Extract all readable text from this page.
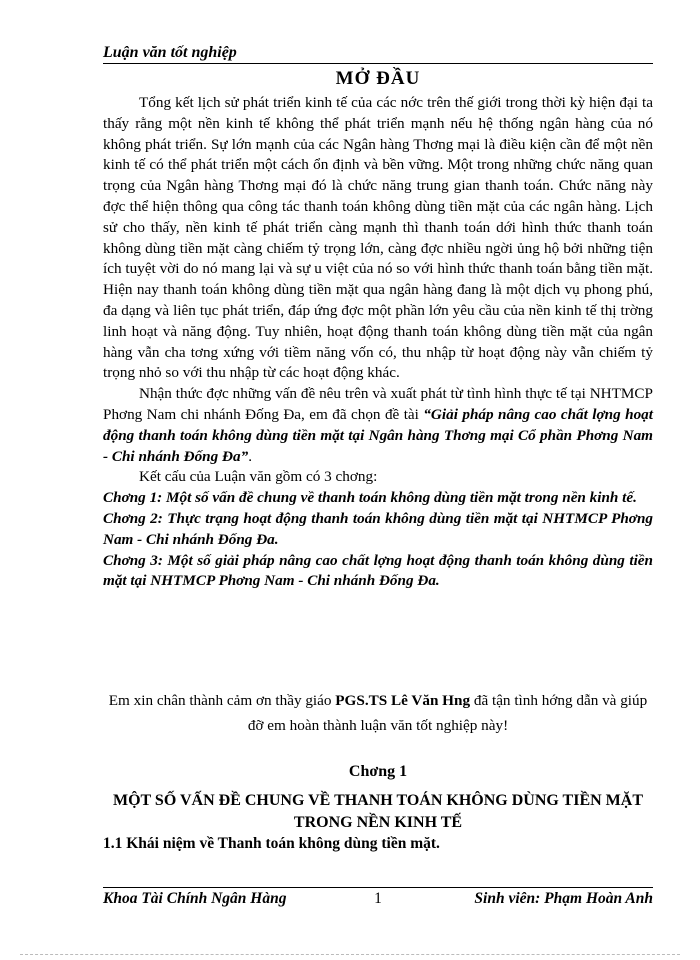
Luận văn tốt nghiệp
MỞ ĐẦU

Tổng kết lịch sử phát triển kinh tế của các nớc trên thế giới trong thời kỳ hiện đại ta thấy rằng một nền kinh tế không thể phát triển mạnh nếu hệ thống ngân hàng của nó không phát triển. Sự lớn mạnh của các Ngân hàng Thơng mại là điều kiện cần để một nền kinh tế có thể phát triển một cách ổn định và bền vững. Một trong những chức năng quan trọng của Ngân hàng Thơng mại đó là chức năng trung gian thanh toán. Chức năng này đợc thể hiện thông qua công tác thanh toán không dùng tiền mặt của các ngân hàng. Lịch sử cho thấy, nền kinh tế phát triển càng mạnh thì thanh toán dới hình thức thanh toán không dùng tiền mặt càng chiếm tỷ trọng lớn, càng đợc nhiều ngời ủng hộ bởi những tiện ích tuyệt vời do nó mang lại và sự u việt của nó so với hình thức thanh toán bằng tiền mặt. Hiện nay thanh toán không dùng tiền mặt qua ngân hàng đang là một dịch vụ phong phú, đa dạng và liên tục phát triển, đáp ứng đợc một phần lớn yêu cầu của nền kinh tế thị trờng linh hoạt và năng động. Tuy nhiên, hoạt động thanh toán không dùng tiền mặt của ngân hàng vẫn cha tơng xứng với tiềm năng vốn có, thu nhập từ hoạt động này vẫn chiếm tỷ trọng nhỏ so với thu nhập từ các hoạt động khác.

Nhận thức đợc những vấn đề nêu trên và xuất phát từ tình hình thực tế tại NHTMCP Phơng Nam chi nhánh Đống Đa, em đã chọn đề tài “Giải pháp nâng cao chất lợng hoạt động thanh toán không dùng tiền mặt tại Ngân hàng Thơng mại Cổ phần Phơng Nam - Chi nhánh Đống Đa”.

Kết cấu của Luận văn gồm có 3 chơng:

Chơng 1: Một số vấn đề chung về thanh toán không dùng tiền mặt trong nền kinh tế.

Chơng 2: Thực trạng hoạt động thanh toán không dùng tiền mặt tại NHTMCP Phơng Nam - Chi nhánh Đống Đa.

Chơng 3: Một số giải pháp nâng cao chất lợng hoạt động thanh toán không dùng tiền mặt tại NHTMCP Phơng Nam - Chi nhánh Đống Đa.

Em xin chân thành cảm ơn thầy giáo PGS.TS Lê Văn Hng đã tận tình hớng dẫn và giúp đỡ em hoàn thành luận văn tốt nghiệp này!
Chơng 1
MỘT SỐ VẤN ĐỀ CHUNG VỀ THANH TOÁN KHÔNG DÙNG TIỀN MẶT TRONG NỀN KINH TẾ
1.1 Khái niệm về Thanh toán không dùng tiền mặt.
Khoa Tài Chính Ngân Hàng	1	Sinh viên: Phạm Hoàn Anh
